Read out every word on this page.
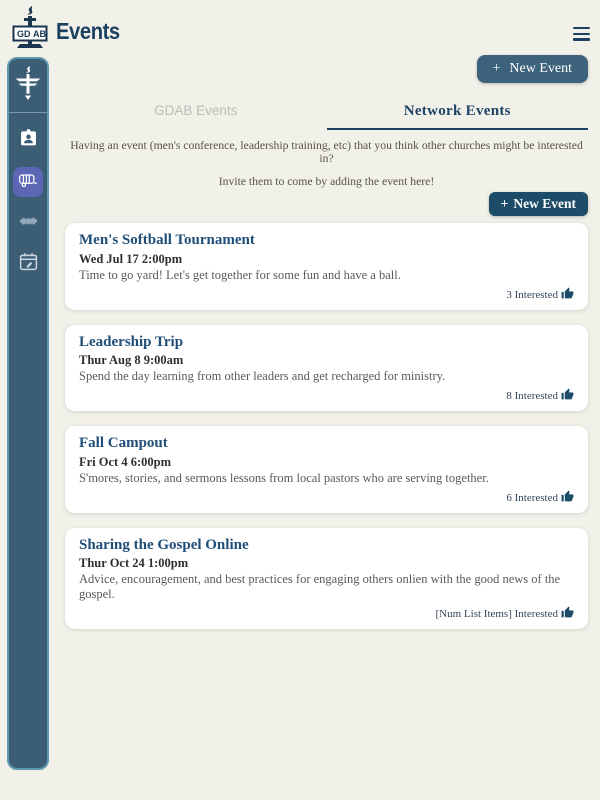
GD AB Events
+ New Event
GDAB Events	Network Events
Having an event (men's conference, leadership training, etc) that you think other churches might be interested in?
Invite them to come by adding the event here!
+ New Event
Men's Softball Tournament
Wed Jul 17 2:00pm
Time to go yard! Let's get together for some fun and have a ball.
3 Interested
Leadership Trip
Thur Aug 8 9:00am
Spend the day learning from other leaders and get recharged for ministry.
8 Interested
Fall Campout
Fri Oct 4 6:00pm
S'mores, stories, and sermons lessons from local pastors who are serving together.
6 Interested
Sharing the Gospel Online
Thur Oct 24 1:00pm
Advice, encouragement, and best practices for engaging others onlien with the good news of the gospel.
[Num List Items] Interested
